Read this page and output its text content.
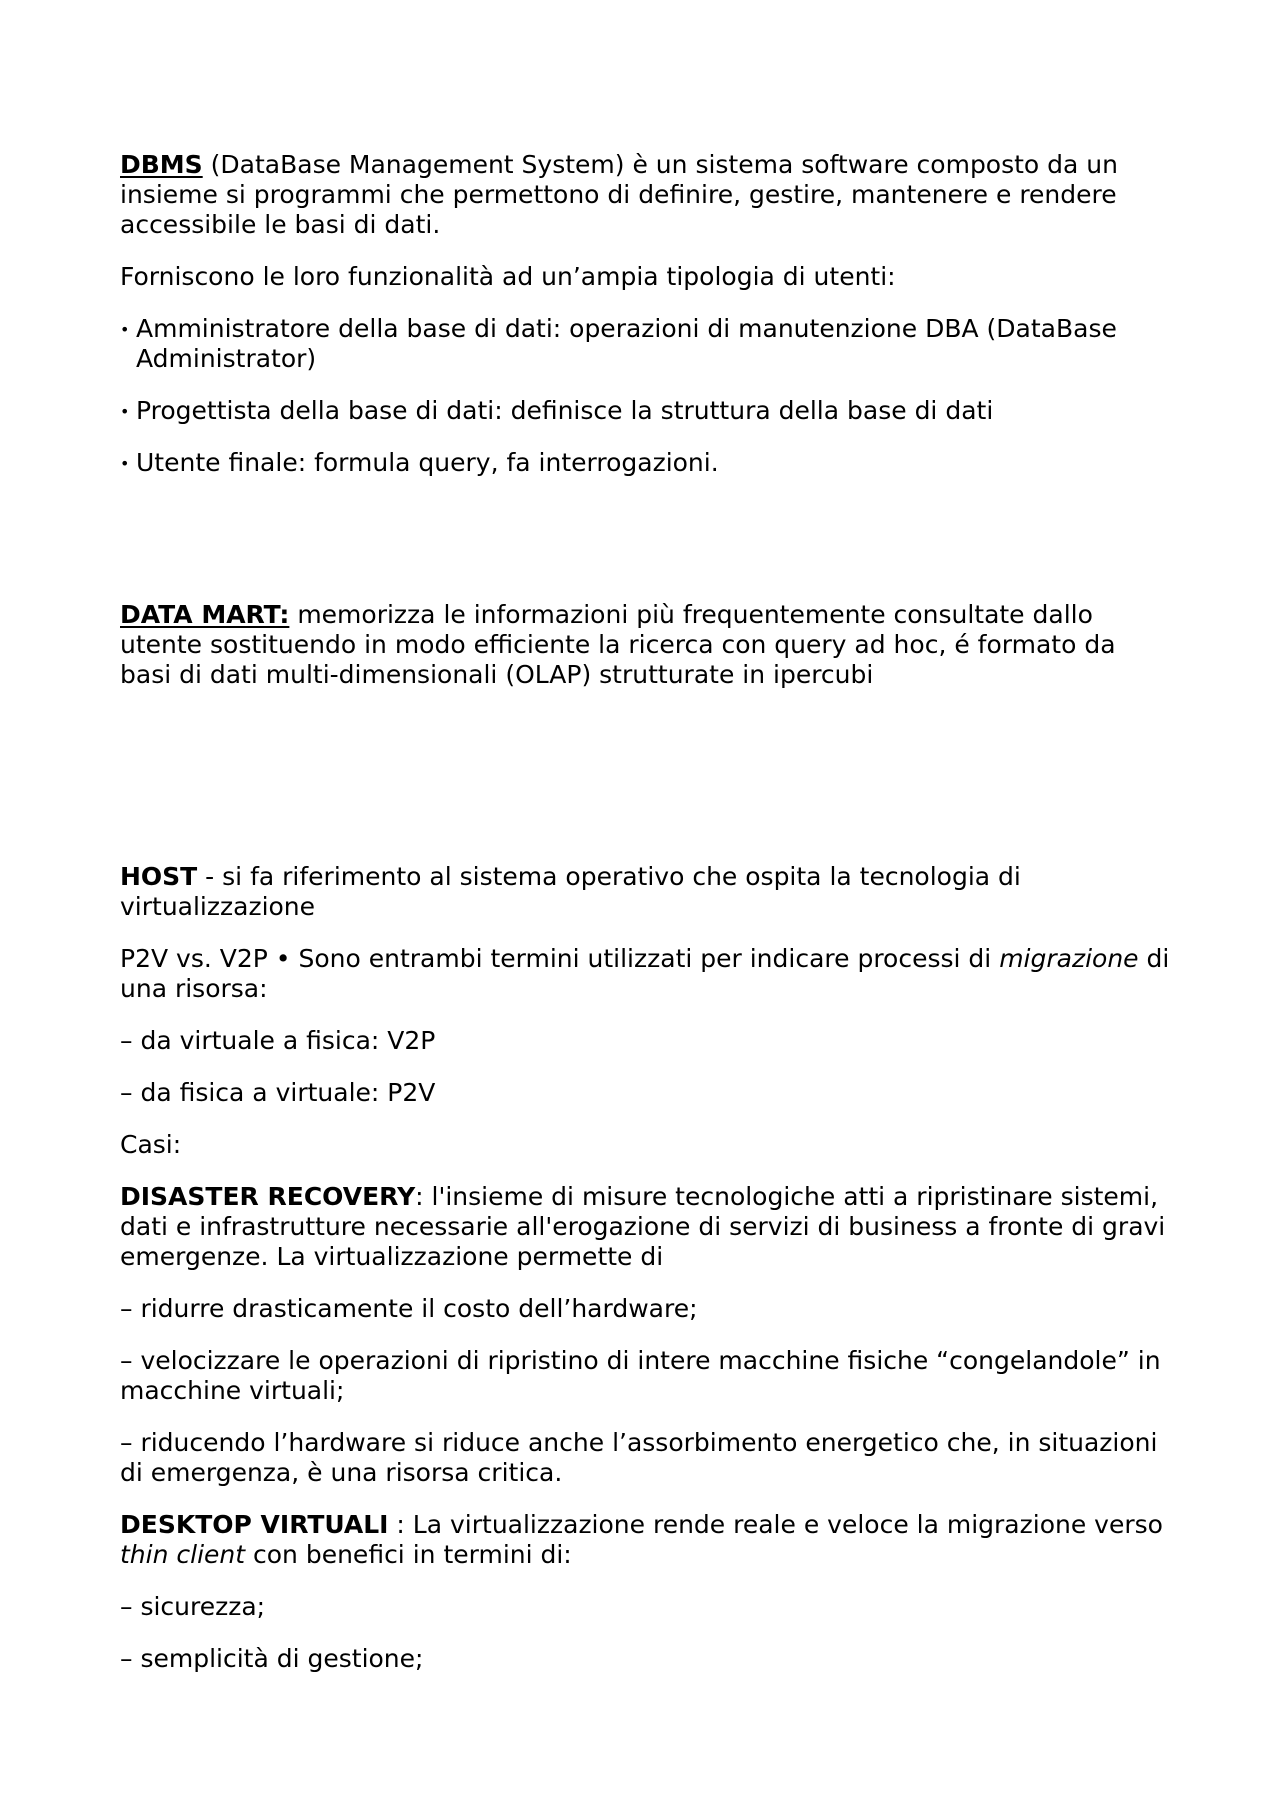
DBMS (DataBase Management System) è un sistema software composto da un insieme si programmi che permettono di definire, gestire, mantenere e rendere accessibile le basi di dati.

Forniscono le loro funzionalità ad un’ampia tipologia di utenti:

• Amministratore della base di dati: operazioni di manutenzione DBA (DataBase Administrator)
• Progettista della base di dati: definisce la struttura della base di dati
• Utente finale: formula query, fa interrogazioni.

DATA MART: memorizza le informazioni più frequentemente consultate dallo utente sostituendo in modo efficiente la ricerca con query ad hoc, é formato da basi di dati multi-dimensionali (OLAP) strutturate in ipercubi

HOST - si fa riferimento al sistema operativo che ospita la tecnologia di virtualizzazione

P2V vs. V2P • Sono entrambi termini utilizzati per indicare processi di migrazione di una risorsa:

– da virtuale a fisica: V2P

– da fisica a virtuale: P2V

Casi:

DISASTER RECOVERY: l'insieme di misure tecnologiche atti a ripristinare sistemi, dati e infrastrutture necessarie all'erogazione di servizi di business a fronte di gravi emergenze. La virtualizzazione permette di

– ridurre drasticamente il costo dell’hardware;

– velocizzare le operazioni di ripristino di intere macchine fisiche “congelandole” in macchine virtuali;

– riducendo l’hardware si riduce anche l’assorbimento energetico che, in situazioni di emergenza, è una risorsa critica.

DESKTOP VIRTUALI : La virtualizzazione rende reale e veloce la migrazione verso thin client con benefici in termini di:

– sicurezza;

– semplicità di gestione;
